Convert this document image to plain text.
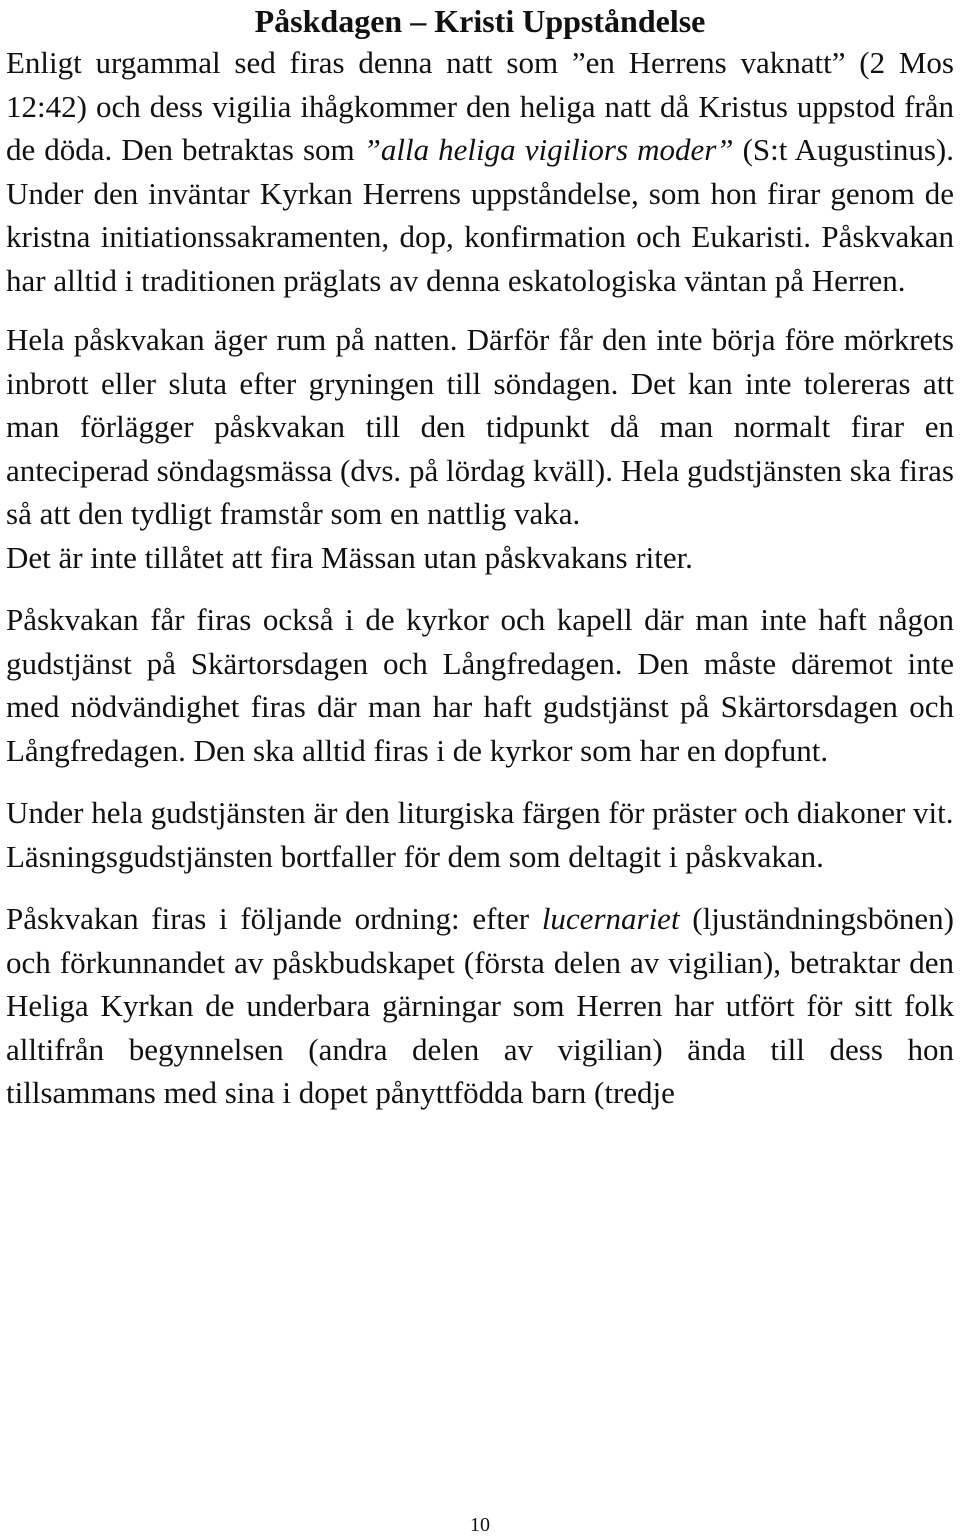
Påskdagen – Kristi Uppståndelse

Enligt urgammal sed firas denna natt som ”en Herrens vaknatt” (2 Mos 12:42) och dess vigilia ihågkommer den heliga natt då Kristus uppstod från de döda. Den betraktas som ”alla heliga vigiliors moder” (S:t Augustinus). Under den inväntar Kyrkan Herrens uppståndelse, som hon firar genom de kristna initiationssakramenten, dop, konfirmation och Eukaristi. Påskvakan har alltid i traditionen präglats av denna eskatologiska väntan på Herren.

Hela påskvakan äger rum på natten. Därför får den inte börja före mörkrets inbrott eller sluta efter gryningen till söndagen. Det kan inte tolereras att man förlägger påskvakan till den tidpunkt då man normalt firar en anteciperad söndagsmässa (dvs. på lördag kväll). Hela gudstjänsten ska firas så att den tydligt framstår som en nattlig vaka.

Det är inte tillåtet att fira Mässan utan påskvakans riter.

Påskvakan får firas också i de kyrkor och kapell där man inte haft någon gudstjänst på Skärtorsdagen och Långfredagen. Den måste däremot inte med nödvändighet firas där man har haft gudstjänst på Skärtorsdagen och Långfredagen. Den ska alltid firas i de kyrkor som har en dopfunt.

Under hela gudstjänsten är den liturgiska färgen för präster och diakoner vit.

Läsningsgudstjänsten bortfaller för dem som deltagit i påskvakan.

Påskvakan firas i följande ordning: efter lucernariet (ljuständningsbönen) och förkunnandet av påskbudskapet (första delen av vigilian), betraktar den Heliga Kyrkan de underbara gärningar som Herren har utfört för sitt folk alltifrån begynnelsen (andra delen av vigilian) ända till dess hon tillsammans med sina i dopet pånyttfödda barn (tredje

10
